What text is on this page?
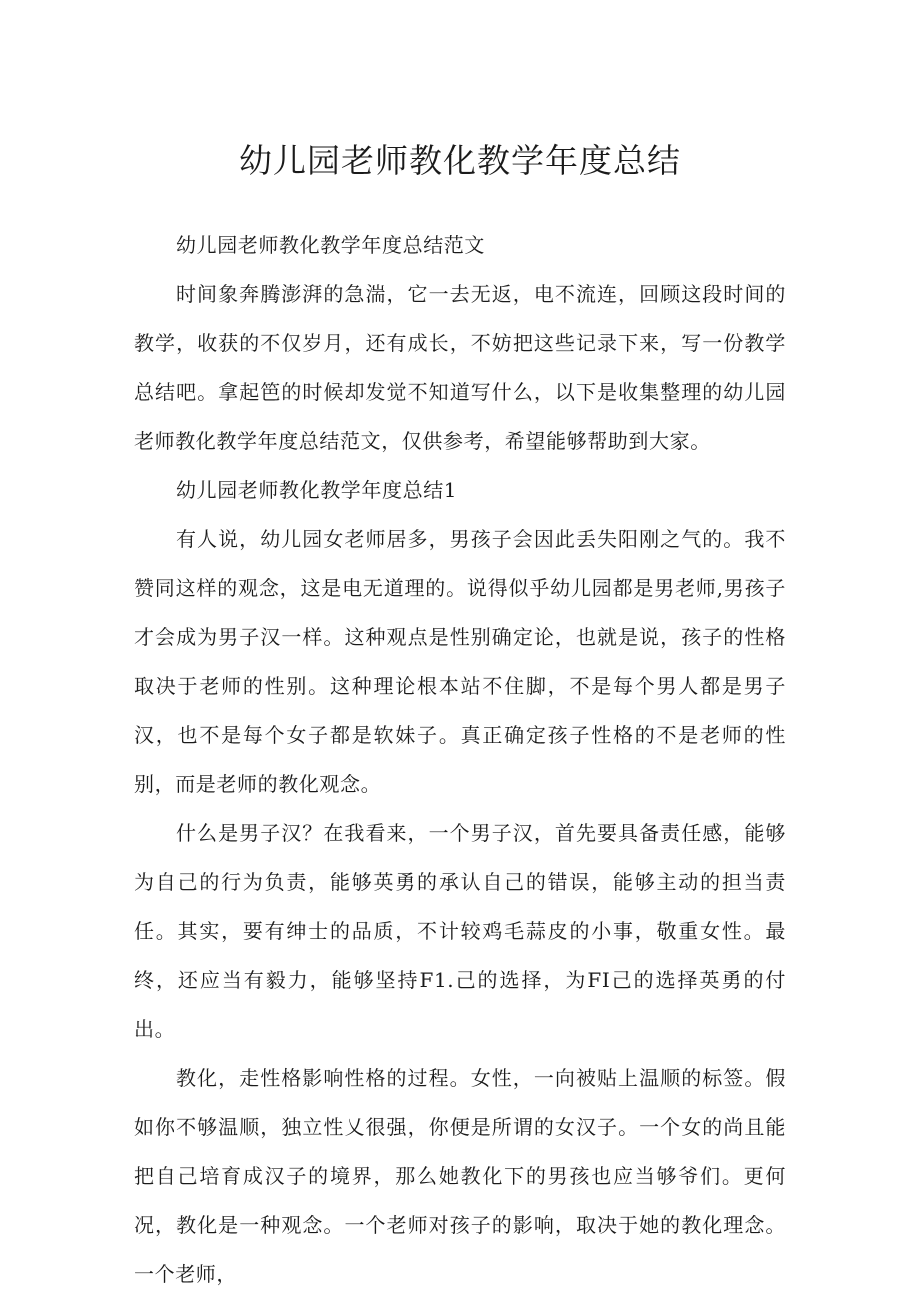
幼儿园老师教化教学年度总结

幼儿园老师教化教学年度总结范文

时间象奔腾澎湃的急湍，它一去无返，电不流连，回顾这段时间的教学，收获的不仅岁月，还有成长，不妨把这些记录下来，写一份教学总结吧。拿起笆的时候却发觉不知道写什么，以下是收集整理的幼儿园老师教化教学年度总结范文，仅供参考，希望能够帮助到大家。

幼儿园老师教化教学年度总结1

有人说，幼儿园女老师居多，男孩子会因此丢失阳刚之气的。我不赞同这样的观念，这是电无道理的。说得似乎幼儿园都是男老师,男孩子才会成为男子汉一样。这种观点是性别确定论，也就是说，孩子的性格取决于老师的性别。这种理论根本站不住脚，不是每个男人都是男子汉，也不是每个女子都是软妹子。真正确定孩子性格的不是老师的性别，而是老师的教化观念。

什么是男子汉？在我看来，一个男子汉，首先要具备责任感，能够为自己的行为负责，能够英勇的承认自己的错误，能够主动的担当责任。其实，要有绅士的品质，不计较鸡毛蒜皮的小事，敬重女性。最终，还应当有毅力，能够坚持F1.己的选择，为FI己的选择英勇的付出。

教化，走性格影响性格的过程。女性，一向被贴上温顺的标签。假如你不够温顺，独立性乂很强，你便是所谓的女汉子。一个女的尚且能把自己培育成汉子的境界，那么她教化下的男孩也应当够爷们。更何况，教化是一种观念。一个老师对孩子的影响，取决于她的教化理念。一个老师，
